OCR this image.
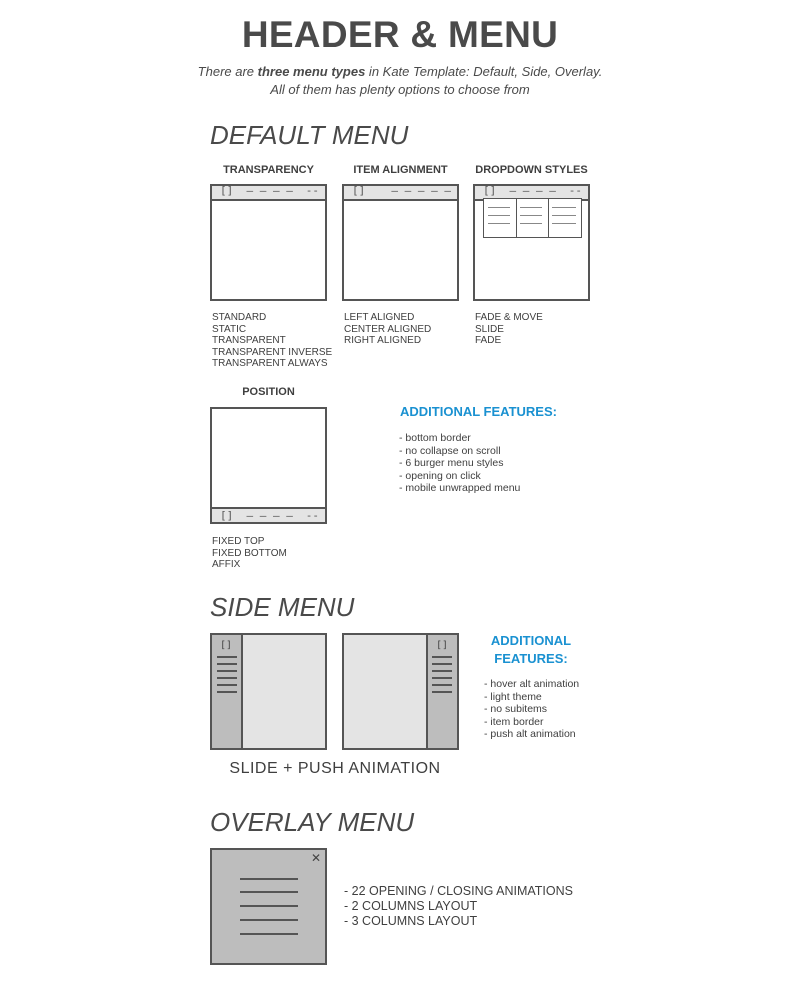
HEADER & MENU
There are three menu types in Kate Template: Default, Side, Overlay.
All of them has plenty options to choose from
DEFAULT MENU
TRANSPARENCY
[] — — — — --
STANDARD
STATIC
TRANSPARENT
TRANSPARENT INVERSE
TRANSPARENT ALWAYS
ITEM ALIGNMENT
[] — — — — —
LEFT ALIGNED
CENTER ALIGNED
RIGHT ALIGNED
DROPDOWN STYLES
[] — — — — --
FADE & MOVE
SLIDE
FADE
POSITION
[] — — — — --
FIXED TOP
FIXED BOTTOM
AFFIX
ADDITIONAL FEATURES:
- bottom border
- no collapse on scroll
- 6 burger menu styles
- opening on click
- mobile unwrapped menu
SIDE MENU
[]	[]
SLIDE + PUSH ANIMATION
ADDITIONAL
FEATURES:
- hover alt animation
- light theme
- no subitems
- item border
- push alt animation
OVERLAY MENU
✕
- 22 OPENING / CLOSING ANIMATIONS
- 2 COLUMNS LAYOUT
- 3 COLUMNS LAYOUT
